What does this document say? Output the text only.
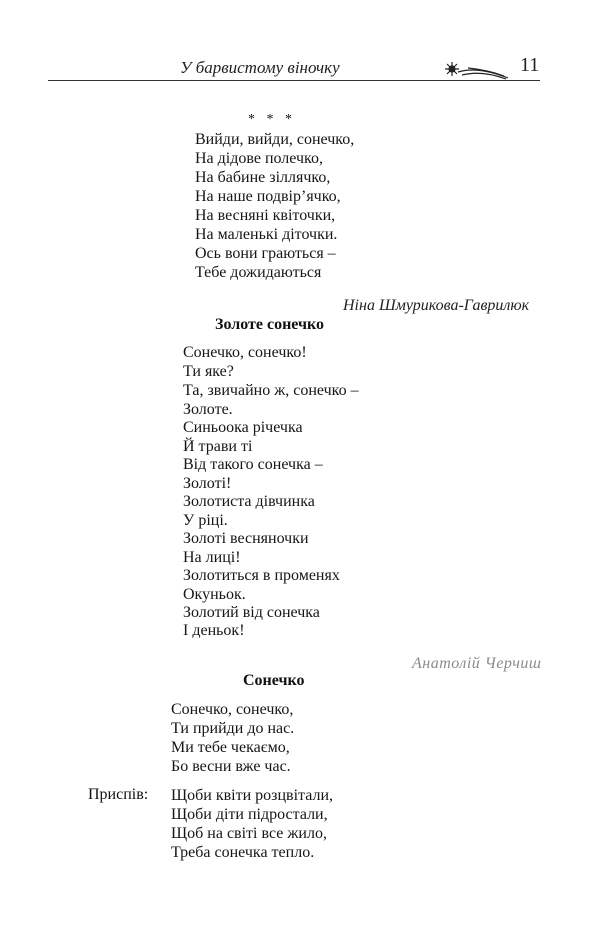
У барвистому віночку	11
* * *
Вийди, вийди, сонечко,
На дідове полечко,
На бабине зіллячко,
На наше подвір’ячко,
На весняні квіточки,
На маленькі діточки.
Ось вони граються –
Тебе дожидаються
Ніна Шмурикова-Гаврилюк
Золоте сонечко
Сонечко, сонечко!
Ти яке?
Та, звичайно ж, сонечко –
Золоте.
Синьоока річечка
Й трави ті
Від такого сонечка –
Золоті!
Золотиста дівчинка
У ріці.
Золоті весняночки
На лиці!
Золотиться в променях
Окуньок.
Золотий від сонечка
І деньок!
Анатолій Черчиш
Сонечко
Сонечко, сонечко,
Ти прийди до нас.
Ми тебе чекаємо,
Бо весни вже час.
Приспів: Щоби квіти розцвітали,
Щоби діти підростали,
Щоб на світі все жило,
Треба сонечка тепло.
